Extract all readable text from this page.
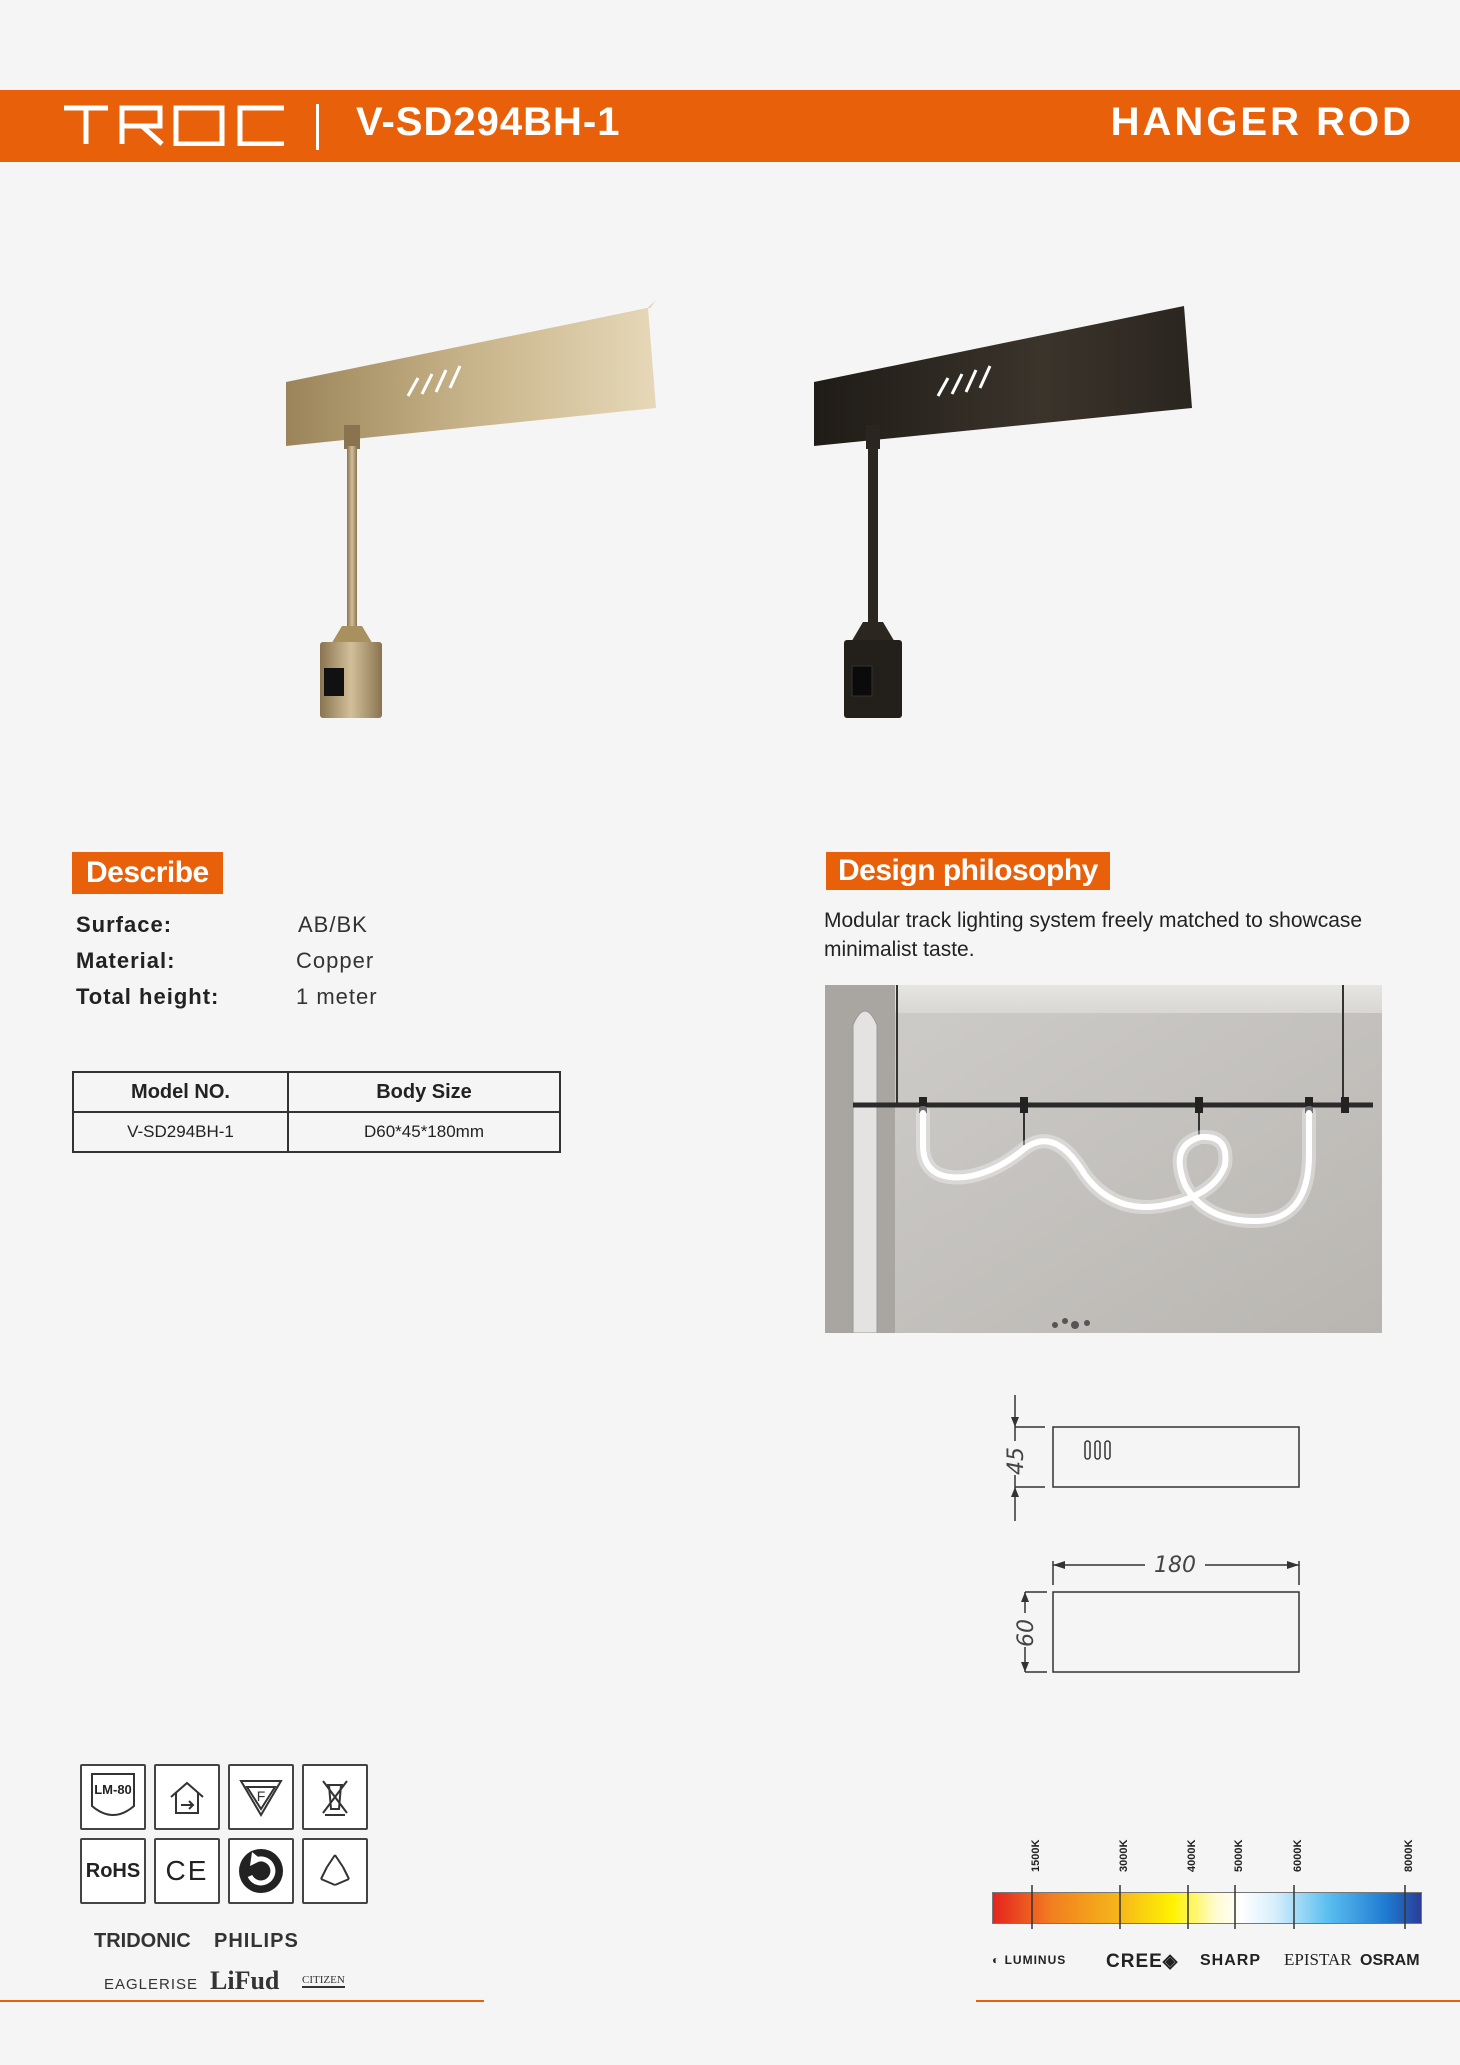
TROC	V-SD294BH-1	HANGER ROD
Describe
Surface:	AB/BK
Material:	Copper
Total height:	1 meter
Model NO.	Body Size
V-SD294BH-1	D60*45*180mm
Design philosophy
Modular track lighting system freely matched to showcase minimalist taste.
180
45
60
LM-80	F
RoHS CE
TRIDONIC PHILIPS
EAGLERISE LiFud CITIZEN
1500K	3000K	4000K	5000K	6000K	8000K
◐ LUMINUS CREE◈ SHARP EPISTAR OSRAM
